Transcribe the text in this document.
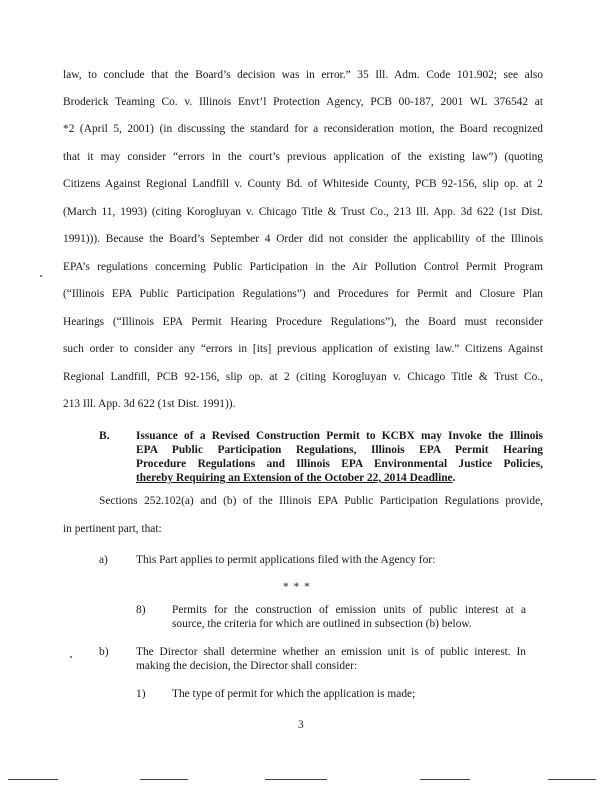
law, to conclude that the Board’s decision was in error.” 35 Ill. Adm. Code 101.902; see also
Broderick Teaming Co. v. Illinois Envt’l Protection Agency, PCB 00-187, 2001 WL 376542 at
*2 (April 5, 2001) (in discussing the standard for a reconsideration motion, the Board recognized
that it may consider “errors in the court’s previous application of the existing law”) (quoting
Citizens Against Regional Landfill v. County Bd. of Whiteside County, PCB 92-156, slip op. at 2
(March 11, 1993) (citing Korogluyan v. Chicago Title & Trust Co., 213 Ill. App. 3d 622 (1st Dist.
1991))). Because the Board’s September 4 Order did not consider the applicability of the Illinois
EPA’s regulations concerning Public Participation in the Air Pollution Control Permit Program
(“Illinois EPA Public Participation Regulations”) and Procedures for Permit and Closure Plan
Hearings (“Illinois EPA Permit Hearing Procedure Regulations”), the Board must reconsider
such order to consider any “errors in [its] previous application of existing law.” Citizens Against
Regional Landfill, PCB 92-156, slip op. at 2 (citing Korogluyan v. Chicago Title & Trust Co.,
213 Ill. App. 3d 622 (1st Dist. 1991)).
B. Issuance of a Revised Construction Permit to KCBX may Invoke the Illinois
EPA Public Participation Regulations, Illinois EPA Permit Hearing
Procedure Regulations and Illinois EPA Environmental Justice Policies,
thereby Requiring an Extension of the October 22, 2014 Deadline.
Sections 252.102(a) and (b) of the Illinois EPA Public Participation Regulations provide,
in pertinent part, that:
a) This Part applies to permit applications filed with the Agency for:
* * *
8) Permits for the construction of emission units of public interest at a
source, the criteria for which are outlined in subsection (b) below.
b) The Director shall determine whether an emission unit is of public interest. In
making the decision, the Director shall consider:
1) The type of permit for which the application is made;
3
